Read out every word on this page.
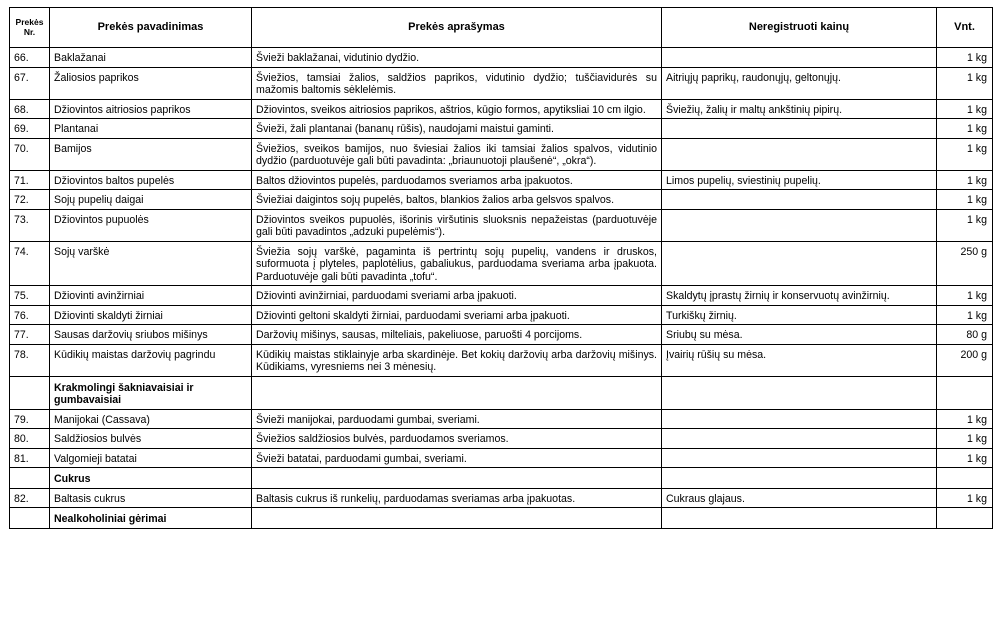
Prekės Nr.	Prekės pavadinimas	Prekės aprašymas	Neregistruoti kainų	Vnt.
66.	Baklažanai	Švieži baklažanai, vidutinio dydžio.		1 kg
67.	Žaliosios paprikos	Šviežios, tamsiai žalios, saldžios paprikos, vidutinio dydžio; tuščiavidurės su mažomis baltomis sėklelėmis.	Aitriųjų paprikų, raudonųjų, geltonųjų.	1 kg
68.	Džiovintos aitriosios paprikos	Džiovintos, sveikos aitriosios paprikos, aštrios, kūgio formos, apytiksliai 10 cm ilgio.	Šviežių, žalių ir maltų ankštinių pipirų.	1 kg
69.	Plantanai	Švieži, žali plantanai (bananų rūšis), naudojami maistui gaminti.		1 kg
70.	Bamijos	Šviežios, sveikos bamijos, nuo šviesiai žalios iki tamsiai žalios spalvos, vidutinio dydžio (parduotuvėje gali būti pavadinta: „briaunuotoji plaušenė“, „okra“).		1 kg
71.	Džiovintos baltos pupelės	Baltos džiovintos pupelės, parduodamos sveriamos arba įpakuotos.	Limos pupelių, sviestinių pupelių.	1 kg
72.	Sojų pupelių daigai	Šviežiai daigintos sojų pupelės, baltos, blankios žalios arba gelsvos spalvos.		1 kg
73.	Džiovintos pupuolės	Džiovintos sveikos pupuolės, išorinis viršutinis sluoksnis nepažeistas (parduotuvėje gali būti pavadintos „adzuki pupelėmis“).		1 kg
74.	Sojų varškė	Šviežia sojų varškė, pagaminta iš pertrintų sojų pupelių, vandens ir druskos, suformuota į plyteles, paplotėlius, gabaliukus, parduodama sveriama arba įpakuota. Parduotuvėje gali būti pavadinta „tofu“.		250 g
75.	Džiovinti avinžirniai	Džiovinti avinžirniai, parduodami sveriami arba įpakuoti.	Skaldytų įprastų žirnių ir konservuotų avinžirnių.	1 kg
76.	Džiovinti skaldyti žirniai	Džiovinti geltoni skaldyti žirniai, parduodami sveriami arba įpakuoti.	Turkiškų žirnių.	1 kg
77.	Sausas daržovių sriubos mišinys	Daržovių mišinys, sausas, milteliais, pakeliuose, paruošti 4 porcijoms.	Sriubų su mėsa.	80 g
78.	Kūdikių maistas daržovių pagrindu	Kūdikių maistas stiklainyje arba skardinėje. Bet kokių daržovių arba daržovių mišinys. Kūdikiams, vyresniems nei 3 mėnesių.	Įvairių rūšių su mėsa.	200 g
	Krakmolingi šakniavaisiai ir gumbavaisiai			
79.	Manijokai (Cassava)	Švieži manijokai, parduodami gumbai, sveriami.		1 kg
80.	Saldžiosios bulvės	Šviežios saldžiosios bulvės, parduodamos sveriamos.		1 kg
81.	Valgomieji batatai	Švieži batatai, parduodami gumbai, sveriami.		1 kg
	Cukrus			
82.	Baltasis cukrus	Baltasis cukrus iš runkelių, parduodamas sveriamas arba įpakuotas.	Cukraus glajaus.	1 kg
	Nealkoholiniai gėrimai			
